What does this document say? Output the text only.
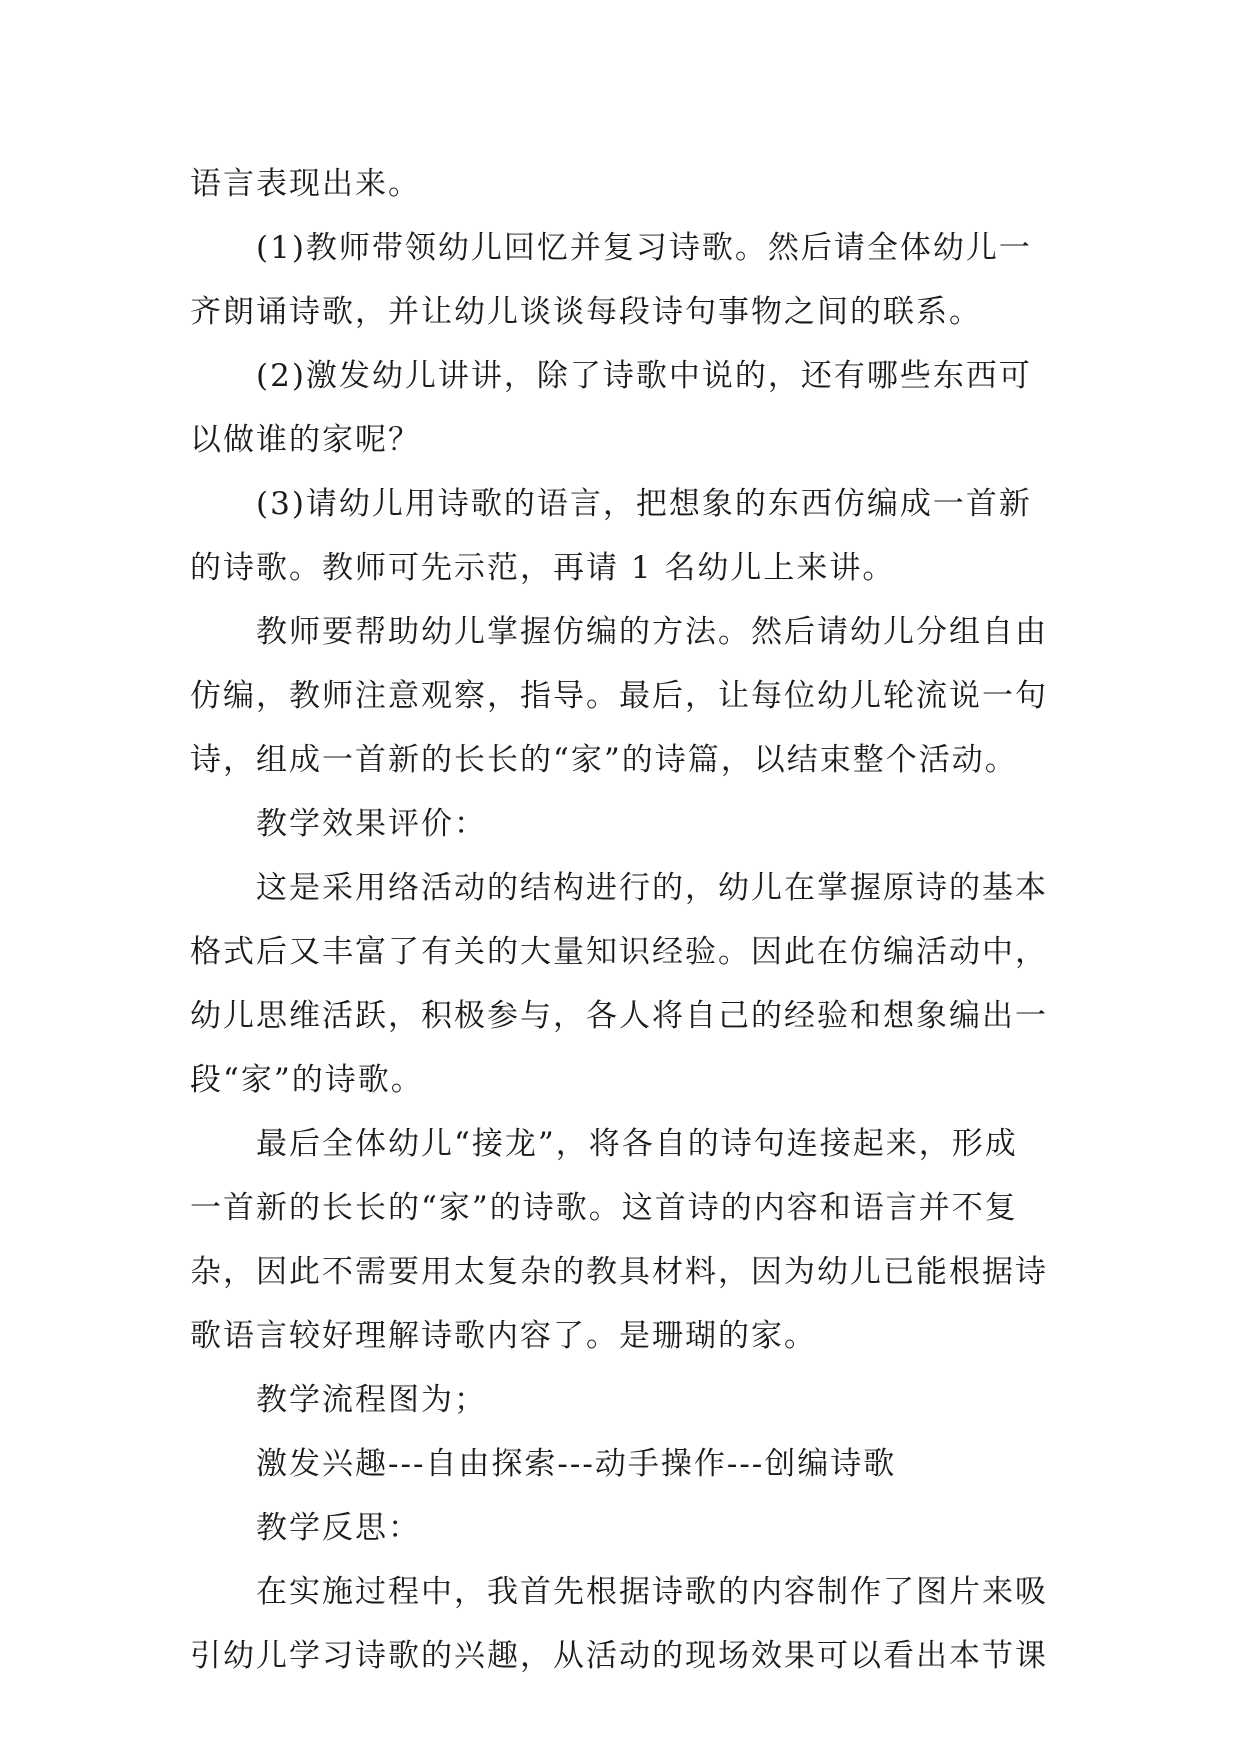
语言表现出来。
(1)教师带领幼儿回忆并复习诗歌。然后请全体幼儿一
齐朗诵诗歌，并让幼儿谈谈每段诗句事物之间的联系。
(2)激发幼儿讲讲，除了诗歌中说的，还有哪些东西可
以做谁的家呢？
(3)请幼儿用诗歌的语言，把想象的东西仿编成一首新
的诗歌。教师可先示范，再请 1 名幼儿上来讲。
教师要帮助幼儿掌握仿编的方法。然后请幼儿分组自由
仿编，教师注意观察，指导。最后，让每位幼儿轮流说一句
诗，组成一首新的长长的“家”的诗篇，以结束整个活动。
教学效果评价：
这是采用络活动的结构进行的，幼儿在掌握原诗的基本
格式后又丰富了有关的大量知识经验。因此在仿编活动中，
幼儿思维活跃，积极参与，各人将自己的经验和想象编出一
段“家”的诗歌。
最后全体幼儿“接龙”，将各自的诗句连接起来，形成
一首新的长长的“家”的诗歌。这首诗的内容和语言并不复
杂，因此不需要用太复杂的教具材料，因为幼儿已能根据诗
歌语言较好理解诗歌内容了。是珊瑚的家。
教学流程图为；
激发兴趣---自由探索---动手操作---创编诗歌
教学反思：
在实施过程中，我首先根据诗歌的内容制作了图片来吸
引幼儿学习诗歌的兴趣，从活动的现场效果可以看出本节课
